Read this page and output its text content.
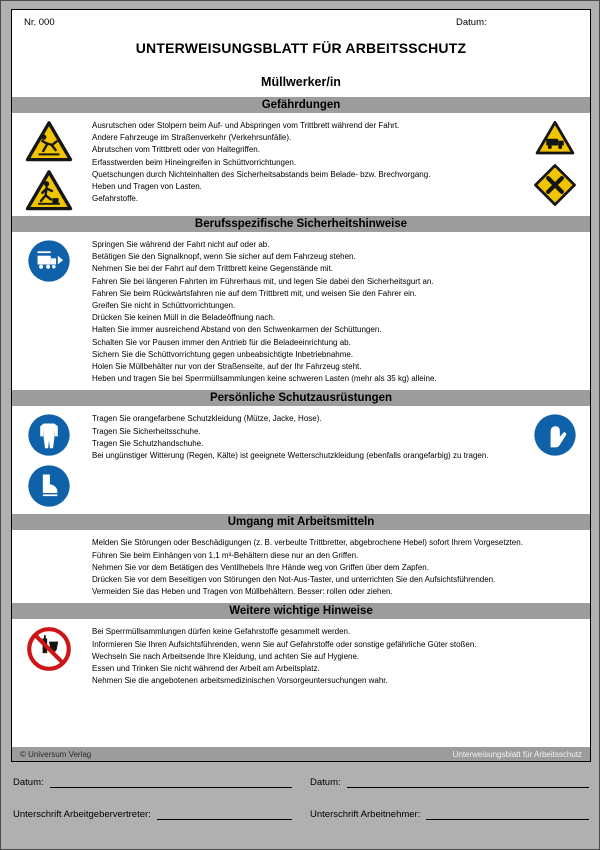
Nr. 000	Datum:
UNTERWEISUNGSBLATT FÜR ARBEITSSCHUTZ
Müllwerker/in
Gefährdungen

Ausrutschen oder Stolpern beim Auf- und Abspringen vom Trittbrett während der Fahrt.

Andere Fahrzeuge im Straßenverkehr (Verkehrsunfälle).

Abrutschen vom Trittbrett oder von Haltegriffen.

Erfasstwerden beim Hineingreifen in Schüttvorrichtungen.

Quetschungen durch Nichteinhalten des Sicherheitsabstands beim Belade- bzw. Brechvorgang.

Heben und Tragen von Lasten.

Gefahrstoffe.

Berufsspezifische Sicherheitshinweise

Springen Sie während der Fahrt nicht auf oder ab.

Betätigen Sie den Signalknopf, wenn Sie sicher auf dem Fahrzeug stehen.

Nehmen Sie bei der Fahrt auf dem Trittbrett keine Gegenstände mit.

Fahren Sie bei längeren Fahrten im Führerhaus mit, und legen Sie dabei den Sicherheitsgurt an.

Fahren Sie beim Rückwärtsfahren nie auf dem Trittbrett mit, und weisen Sie den Fahrer ein.

Greifen Sie nicht in Schüttvorrichtungen.

Drücken Sie keinen Müll in die Beladeöffnung nach.

Halten Sie immer ausreichend Abstand von den Schwenkarmen der Schüttungen.

Schalten Sie vor Pausen immer den Antrieb für die Beladeeinrichtung ab.

Sichern Sie die Schüttvorrichtung gegen unbeabsichtigte Inbetriebnahme.

Holen Sie Müllbehälter nur von der Straßenseite, auf der Ihr Fahrzeug steht.

Heben und tragen Sie bei Sperrmüllsammlungen keine schweren Lasten (mehr als 35 kg) alleine.

Persönliche Schutzausrüstungen

Tragen Sie orangefarbene Schutzkleidung (Mütze, Jacke, Hose).

Tragen Sie Sicherheitsschuhe.

Tragen Sie Schutzhandschuhe.

Bei ungünstiger Witterung (Regen, Kälte) ist geeignete Wetterschutzkleidung (ebenfalls orangefarbig) zu tragen.

Umgang mit Arbeitsmitteln

Melden Sie Störungen oder Beschädigungen (z. B. verbeulte Trittbretter, abgebrochene Hebel) sofort Ihrem Vorgesetzten.

Führen Sie beim Einhängen von 1,1 m³-Behältern diese nur an den Griffen.

Nehmen Sie vor dem Betätigen des Ventilhebels Ihre Hände weg von Griffen über dem Zapfen.

Drücken Sie vor dem Beseitigen von Störungen den Not-Aus-Taster, und unterrichten Sie den Aufsichtsführenden.

Vermeiden Sie das Heben und Tragen von Müllbehältern. Besser: rollen oder ziehen.

Weitere wichtige Hinweise

Bei Sperrmüllsammlungen dürfen keine Gefahrstoffe gesammelt werden.

Informieren Sie Ihren Aufsichtsführenden, wenn Sie auf Gefahrstoffe oder sonstige gefährliche Güter stoßen.

Wechseln Sie nach Arbeitsende Ihre Kleidung, und achten Sie auf Hygiene.

Essen und Trinken Sie nicht während der Arbeit am Arbeitsplatz.

Nehmen Sie die angebotenen arbeitsmedizinischen Vorsorgeuntersuchungen wahr.

© Universum Verlag	Unterweisungsblatt für Arbeitsschutz
Datum:	Datum:
Unterschrift Arbeitgebervertreter:	Unterschrift Arbeitnehmer:
